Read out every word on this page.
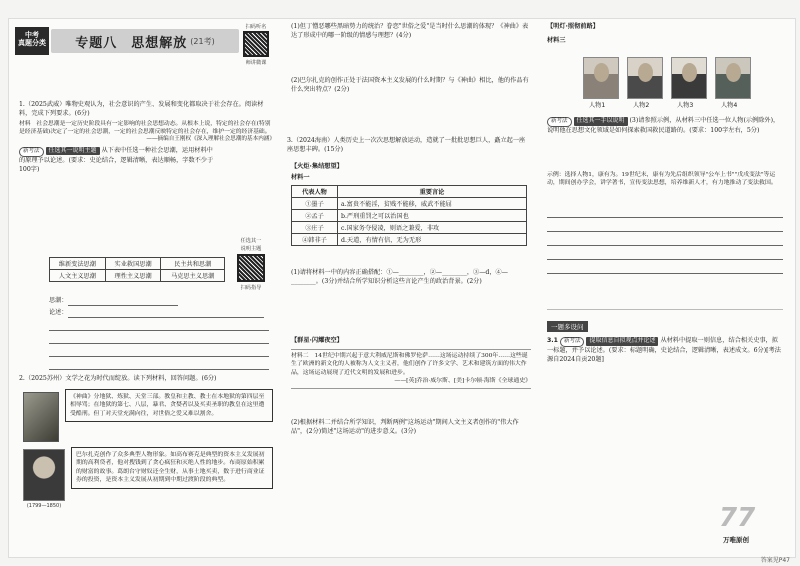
中考
真题分类 专题八　思想解放 (21考)
扫码听名
师讲微课
1.（2025武威）唯物史观认为，社会意识的产生、发展和变化都取决于社会存在。阅读材料，完成下列要求。(6分)
材料　社会思潮是一定历史阶段具有一定影响的社会思想动态。从根本上说，特定的社会存在(特别是经济基础)决定了一定的社会思潮，一定的社会思潮反映特定的社会存在，维护一定的经济基础。
——摘编自王刚权《深入理解社会思潮的基本内涵》
新考法 任选其一说明主题 从下表中任选一种社会思潮，运用材料中的原理予以论述。(要求：史论结合，逻辑清晰，表达顺畅，字数不少于100字)
任选其一
说明主题
扫码指导
维新变法思潮	实业救国思潮	民主共和思潮
人文主义思潮	理性主义思潮	马克思主义思潮
思潮：
论述：
2.（2025苏州）文学之花为时代而绽放。读下列材料，回答问题。(6分)
《神曲》分地狱、炼狱、天堂三部。教皇和主教、教士在本地狱的第四层至相辱骂；在地狱的第七、八层，暴君、贪婪者以及买卖圣职的教皇在这里遭受酷刑。但丁对天堂充满向往，对世俗之爱又难以割舍。
(1799—1850)
巴尔扎克创作了众多典型人物形象。如高布赛克是典型的资本主义发展初期的高利贷者，他对搜钱到了贪心疯狂和灭绝人性的地步。布商原始积累的财富的故事。葛朗台守财奴还全生财，从事土地买卖，数于进行商业证券的投资，是资本主义发展从初期到中期过渡阶段的典型。
(1)但丁憎恶哪些黑暗势力的统治？眷恋"世俗之爱"是当时什么思潮的体现？《神曲》表达了形成中的哪一阶级的情感与理想？(4分)
(2)巴尔扎克的创作正处于法国资本主义发展的什么时期？与《神曲》相比，他的作品有什么突出特点？(2分)
3.（2024海南）人类历史上一次次思想解放运动，造就了一批批思想巨人，矗立起一座座思想丰碑。(15分)
【火炬·集结想望】
材料一
代表人物	重要言论
①墨子	a.富贵不能淫，贫贱不能移，威武不能屈
②孟子	b.严刑重罚之可以治国也
③庄子	c.国家务夺侵凌，则语之兼爱，非攻
④韩非子	d.天道，有情有信，无为无形
(1)请将材料一中的内容正确搭配：①—________，②—________，③—d，④—________。(3分)并结合所学知识分析这些言论产生的政治背景。(2分)
【群星·闪耀夜空】
材料二　14世纪中期兴起于意大利威尼斯和佛罗伦萨……这场运动持续了300年……这些诞生了欧洲的新文化的人被称为人文主义者，他们创作了许多文学、艺术和建筑方面的伟大作品，这场运动展现了近代文明的发展和进步。
——[英]乔治·威尔斯、[美]卡尔顿·海斯《全球通史》
(2)根据材料二并结合所学知识，判断两例"这场运动"期间人文主义者创作的"伟大作品"，(2分)简述"这场运动"的进步意义。(3分)
【明灯·照彻前路】
材料三
人物1	人物2	人物3	人物4
新考法 任选其一手以说明 (3)请参照示例，从材料三中任选一位人物(示例除外)，说明他在思想文化领域是如何探索救国救民道路的。(要求：100字左右，5分)
示例：选择人物1，康有为。19世纪末，康有为先后组织领导"公车上书""戊戌变法"等运动，期间创办学会，讲学著书，宣传变法思想，培养维新人才，有力地推动了变法救国。
一题多设问
3.1 新考法 提取信息自拟观点并论述 从材料中提取一则信息，结合相关史事，拟一标题，并予以论述。(要求：标题明确，史论结合，逻辑清晰，表述成文。6分)[考法源自2024自贡20题]
77
万唯原创
答案见P47
